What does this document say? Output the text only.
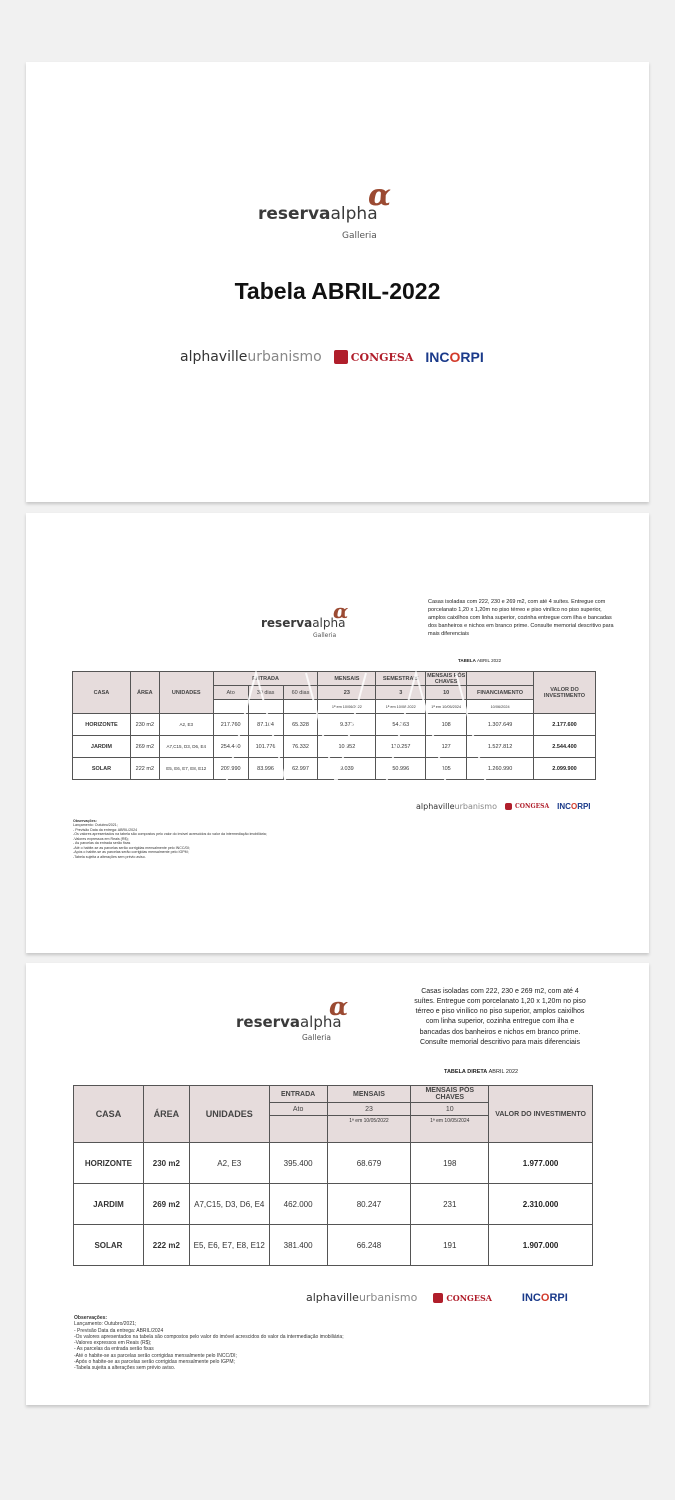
reservaalpha
α
Galleria
Tabela ABRIL-2022
alphavilleurbanismo	CONGESA INCORPI
reservaalpha
α
Galleria
Casas isoladas com 222, 230 e 269 m2, com até 4 suítes. Entregue com porcelanato 1,20 x 1,20m no piso térreo e piso vinílico no piso superior, amplos caixilhos com linha superior, cozinha entregue com ilha e bancadas dos banheiros e nichos em branco prime. Consulte memorial descritivo para mais diferenciais
TABELA ABRIL 2022
CASA	ÁREA	UNIDADES	ENTRADA			MENSAIS	SEMESTRAIS	MENSAIS PÓS CHAVES		VALOR DO INVESTIMENTO
			Ato	30 dias	60 dias	23	3	10	FINANCIAMENTO	
						1ª em 10/06/2022	1ª em 10/08/2022	1ª em 10/05/2024	10/06/2024	
HORIZONTE	230 m2	A2, E3	217.760	87.104	65.328	9.373	54.363	108	1.307.649	2.177.600
JARDIM	269 m2	A7,C15, D3, D6, E4	254.440	101.776	76.332	10.952	110.257	127	1.527.812	2.544.400
SOLAR	222 m2	E5, E6, E7, E8, E12	209.990	83.996	62.997	9.039	50.996	105	1.260.990	2.099.900
alphavilleurbanismo	CONGESA INCORPI
Observações:
Lançamento: Outubro/2021;
- Previsão Data da entrega: ABRIL/2024
-Os valores apresentados na tabela são compostos pelo valor do imóvel acrescidos do valor da intermediação imobiliária;
-Valores expressos em Reais (R$);
- As parcelas da entrada serão fixas
-Até o habite-se as parcelas serão corrigidas mensalmente pelo INCC/DI;
-Após o habite-se as parcelas serão corrigidas mensalmente pelo IGPM;
-Tabela sujeita a alterações sem prévio aviso.
reservaalpha
α
Galleria
Casas isoladas com 222, 230 e 269 m2, com até 4 suítes. Entregue com porcelanato 1,20 x 1,20m no piso térreo e piso vinílico no piso superior, amplos caixilhos com linha superior, cozinha entregue com ilha e bancadas dos banheiros e nichos em branco prime. Consulte memorial descritivo para mais diferenciais
TABELA DIRETA ABRIL 2022
CASA	ÁREA	UNIDADES	ENTRADA	MENSAIS	MENSAIS PÓS CHAVES	VALOR DO INVESTIMENTO
			Ato	23	10	
				1ª em 10/05/2022	1ª em 10/05/2024	
HORIZONTE	230 m2	A2, E3	395.400	68.679	198	1.977.000
JARDIM	269 m2	A7,C15, D3, D6, E4	462.000	80.247	231	2.310.000
SOLAR	222 m2	E5, E6, E7, E8, E12	381.400	66.248	191	1.907.000
alphavilleurbanismo	CONGESA	INCORPI
Observações:
Lançamento: Outubro/2021;
- Previsão Data da entrega: ABRIL/2024
-Os valores apresentados na tabela são compostos pelo valor do imóvel acrescidos do valor da intermediação imobiliária;
-Valores expressos em Reais (R$);
- As parcelas da entrada serão fixas
-Até o habite-se as parcelas serão corrigidas mensalmente pelo INCC/DI;
-Após o habite-se as parcelas serão corrigidas mensalmente pelo IGPM;
-Tabela sujeita a alterações sem prévio aviso.
